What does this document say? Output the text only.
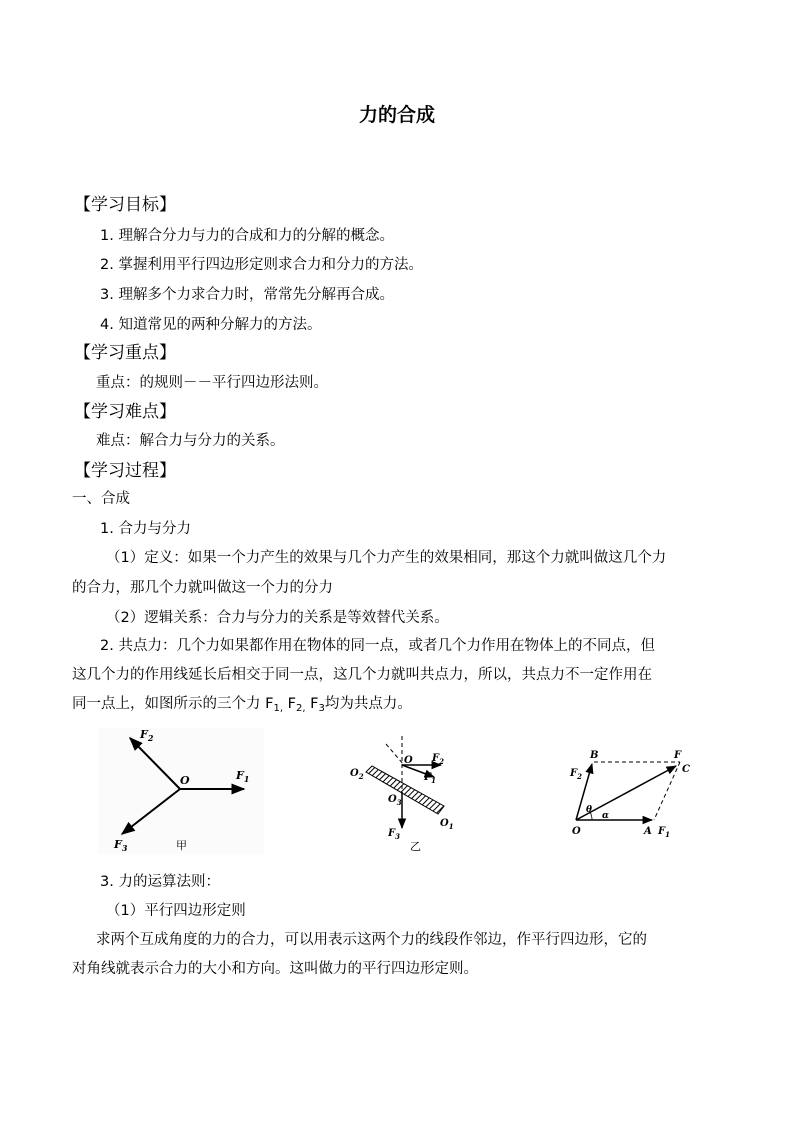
力的合成
【学习目标】
1. 理解合分力与力的合成和力的分解的概念。
2. 掌握利用平行四边形定则求合力和分力的方法。
3. 理解多个力求合力时，常常先分解再合成。
4. 知道常见的两种分解力的方法。
【学习重点】
重点：的规则－－平行四边形法则。
【学习难点】
难点：解合力与分力的关系。
【学习过程】
一、合成
1. 合力与分力
（1）定义：如果一个力产生的效果与几个力产生的效果相同，那这个力就叫做这几个力
的合力，那几个力就叫做这一个力的分力
（2）逻辑关系：合力与分力的关系是等效替代关系。
2. 共点力：几个力如果都作用在物体的同一点，或者几个力作用在物体上的不同点，但
这几个力的作用线延长后相交于同一点，这几个力就叫共点力，所以，共点力不一定作用在
同一点上，如图所示的三个力 $F_{1,}$ $F_{2,}$ $F_3$均为共点力。
$F_2$
O	$F_1$
$F_3$	甲
O $F_2$
$F_1$
$O_2$
$O_3$
$O_1$
$F_3$
乙
O	A $F_1$
B	F
C
$F_2$
θ
α
3. 力的运算法则：
（1）平行四边形定则
求两个互成角度的力的合力，可以用表示这两个力的线段作邻边，作平行四边形，它的
对角线就表示合力的大小和方向。这叫做力的平行四边形定则。
